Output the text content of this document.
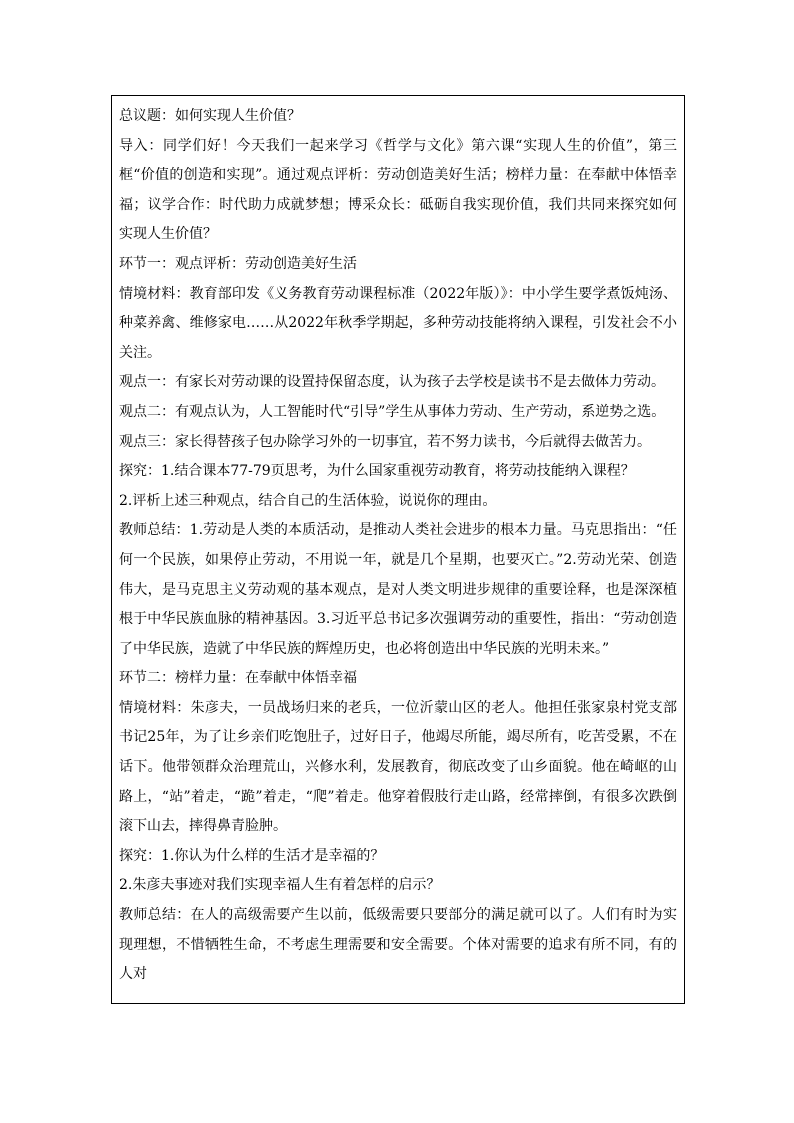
总议题：如何实现人生价值？

导入：同学们好！今天我们一起来学习《哲学与文化》第六课“实现人生的价值”，第三框“价值的创造和实现”。通过观点评析：劳动创造美好生活；榜样力量：在奉献中体悟幸福；议学合作：时代助力成就梦想；博采众长：砥砺自我实现价值，我们共同来探究如何实现人生价值？

环节一：观点评析：劳动创造美好生活

情境材料：教育部印发《义务教育劳动课程标准（2022年版）》：中小学生要学煮饭炖汤、种菜养禽、维修家电……从2022年秋季学期起，多种劳动技能将纳入课程，引发社会不小关注。

观点一：有家长对劳动课的设置持保留态度，认为孩子去学校是读书不是去做体力劳动。

观点二：有观点认为，人工智能时代“引导”学生从事体力劳动、生产劳动，系逆势之选。

观点三：家长得替孩子包办除学习外的一切事宜，若不努力读书，今后就得去做苦力。

探究：1.结合课本77-79页思考，为什么国家重视劳动教育，将劳动技能纳入课程？

2.评析上述三种观点，结合自己的生活体验，说说你的理由。

教师总结：1.劳动是人类的本质活动，是推动人类社会进步的根本力量。马克思指出：“任何一个民族，如果停止劳动，不用说一年，就是几个星期，也要灭亡。”2.劳动光荣、创造伟大，是马克思主义劳动观的基本观点，是对人类文明进步规律的重要诠释，也是深深植根于中华民族血脉的精神基因。3.习近平总书记多次强调劳动的重要性，指出：“劳动创造了中华民族，造就了中华民族的辉煌历史，也必将创造出中华民族的光明未来。”

环节二：榜样力量：在奉献中体悟幸福

情境材料：朱彦夫，一员战场归来的老兵，一位沂蒙山区的老人。他担任张家泉村党支部书记25年，为了让乡亲们吃饱肚子，过好日子，他竭尽所能，竭尽所有，吃苦受累，不在话下。他带领群众治理荒山，兴修水利，发展教育，彻底改变了山乡面貌。他在崎岖的山路上，“站”着走，“跪”着走，“爬”着走。他穿着假肢行走山路，经常摔倒，有很多次跌倒滚下山去，摔得鼻青脸肿。

探究：1.你认为什么样的生活才是幸福的？

2.朱彦夫事迹对我们实现幸福人生有着怎样的启示？

教师总结：在人的高级需要产生以前，低级需要只要部分的满足就可以了。人们有时为实现理想，不惜牺牲生命，不考虑生理需要和安全需要。个体对需要的追求有所不同，有的人对
